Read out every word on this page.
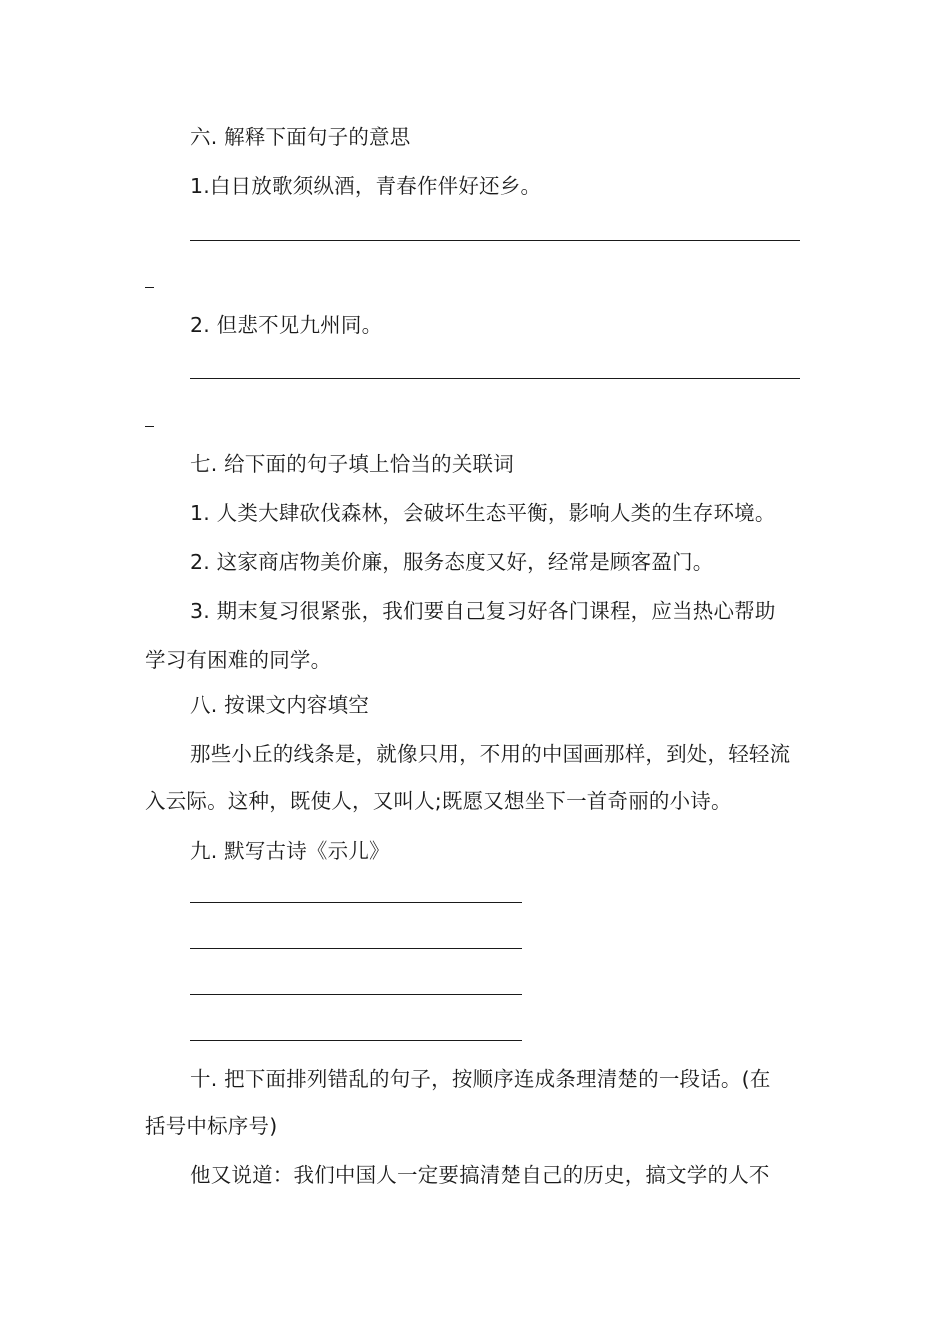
六. 解释下面句子的意思
1.白日放歌须纵酒，青春作伴好还乡。
2. 但悲不见九州同。
七. 给下面的句子填上恰当的关联词
1. 人类大肆砍伐森林，会破坏生态平衡，影响人类的生存环境。
2. 这家商店物美价廉，服务态度又好，经常是顾客盈门。
3. 期末复习很紧张，我们要自己复习好各门课程，应当热心帮助
学习有困难的同学。
八. 按课文内容填空
那些小丘的线条是，就像只用，不用的中国画那样，到处，轻轻流
入云际。这种，既使人，又叫人;既愿又想坐下一首奇丽的小诗。
九. 默写古诗《示儿》
十. 把下面排列错乱的句子，按顺序连成条理清楚的一段话。(在
括号中标序号)
他又说道：我们中国人一定要搞清楚自己的历史，搞文学的人不
